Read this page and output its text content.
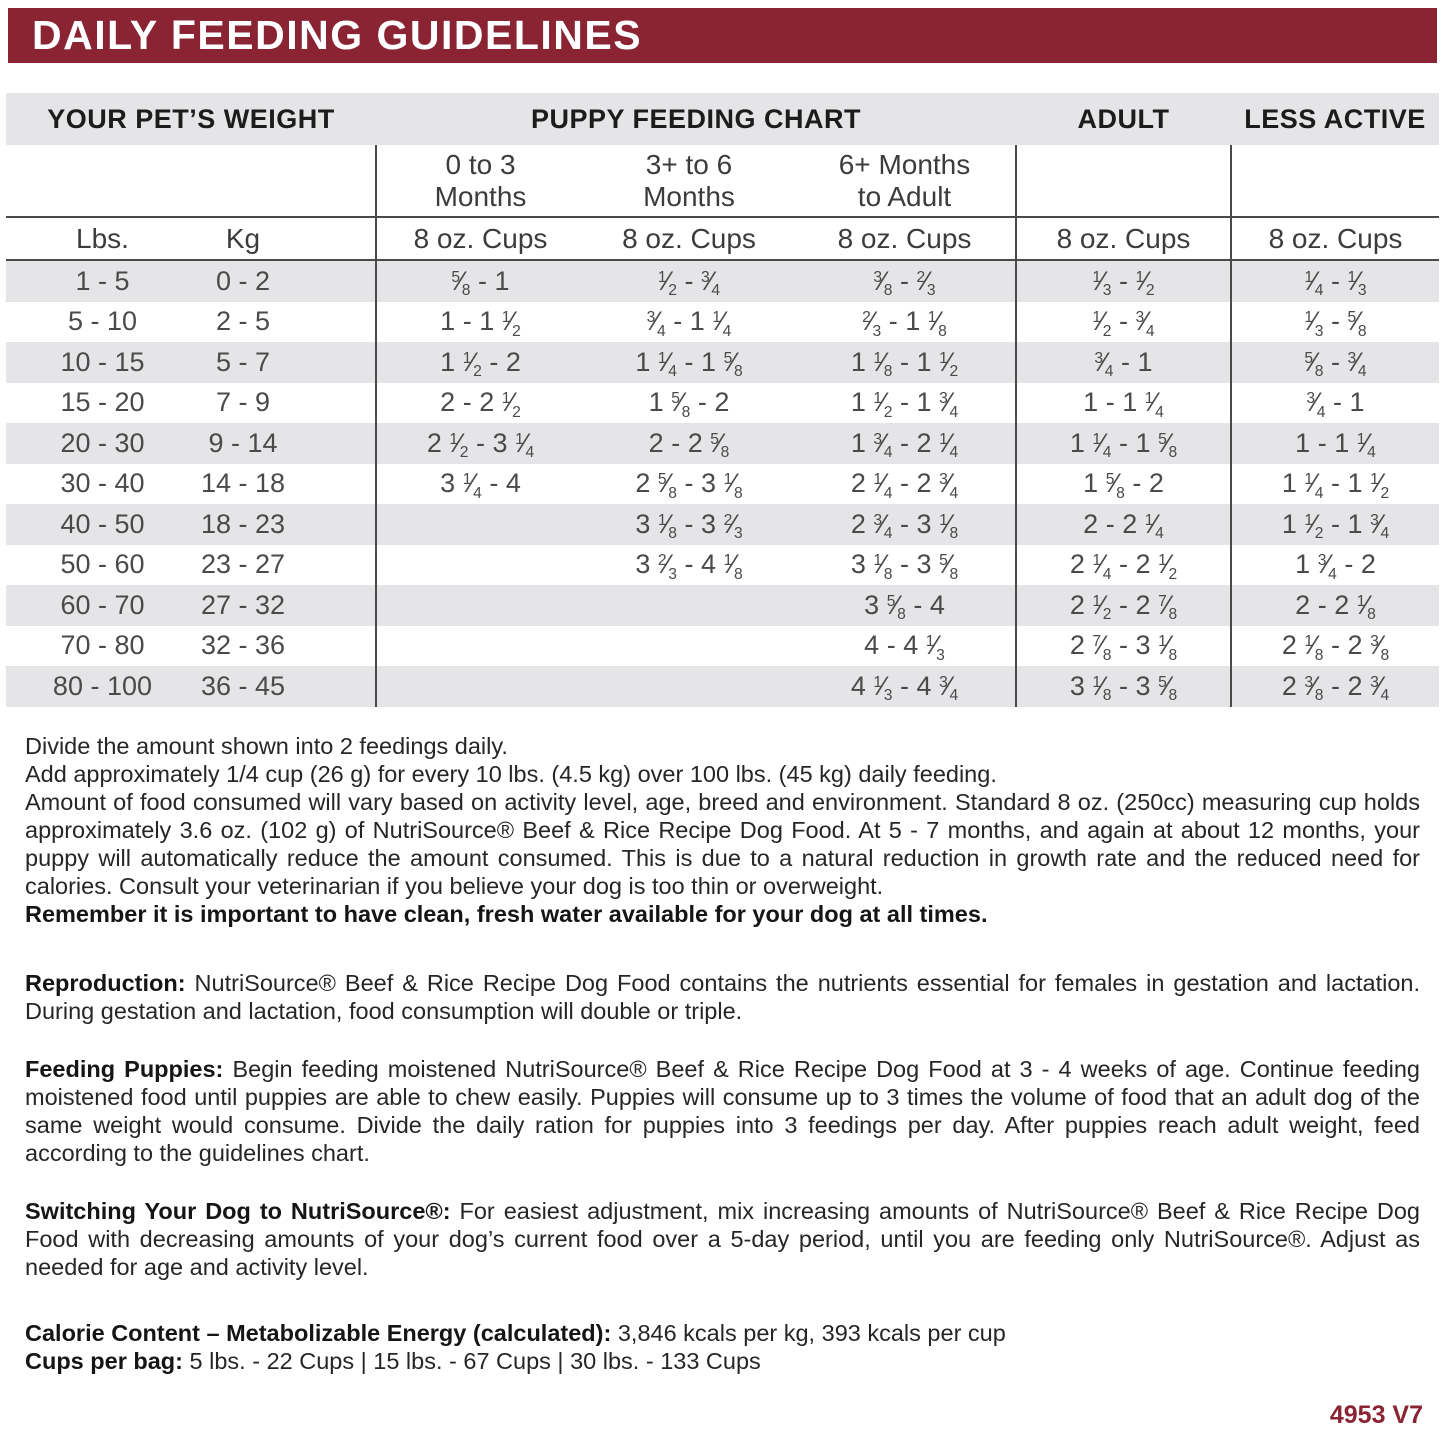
DAILY FEEDING GUIDELINES
YOUR PET’S WEIGHT		PUPPY FEEDING CHART			ADULT	LESS ACTIVE

0 to 3
Months

3+ to 6
Months

6+ Months
to Adult

Lbs.	Kg	8 oz. Cups	8 oz. Cups	8 oz. Cups	8 oz. Cups	8 oz. Cups
1 - 5	0 - 2	$^5$⁄8 - 1	$^1$⁄2 - $^3$⁄4	$^3$⁄8 - $^2$⁄3	$^1$⁄3 - $^1$⁄2	$^1$⁄4 - $^1$⁄3
5 - 10	2 - 5	1 - 1 $^1$⁄2	$^3$⁄4 - 1 $^1$⁄4	$^2$⁄3 - 1 $^1$⁄8	$^1$⁄2 - $^3$⁄4	$^1$⁄3 - $^5$⁄8
10 - 15	5 - 7	1 $^1$⁄2 - 2	1 $^1$⁄4 - 1 $^5$⁄8	1 $^1$⁄8 - 1 $^1$⁄2	$^3$⁄4 - 1	$^5$⁄8 - $^3$⁄4
15 - 20	7 - 9	2 - 2 $^1$⁄2	1 $^5$⁄8 - 2	1 $^1$⁄2 - 1 $^3$⁄4	1 - 1 $^1$⁄4	$^3$⁄4 - 1
20 - 30	9 - 14	2 $^1$⁄2 - 3 $^1$⁄4	2 - 2 $^5$⁄8	1 $^3$⁄4 - 2 $^1$⁄4	1 $^1$⁄4 - 1 $^5$⁄8	1 - 1 $^1$⁄4
30 - 40	14 - 18	3 $^1$⁄4 - 4	2 $^5$⁄8 - 3 $^1$⁄8	2 $^1$⁄4 - 2 $^3$⁄4	1 $^5$⁄8 - 2	1 $^1$⁄4 - 1 $^1$⁄2
40 - 50	18 - 23		3 $^1$⁄8 - 3 $^2$⁄3	2 $^3$⁄4 - 3 $^1$⁄8	2 - 2 $^1$⁄4	1 $^1$⁄2 - 1 $^3$⁄4
50 - 60	23 - 27		3 $^2$⁄3 - 4 $^1$⁄8	3 $^1$⁄8 - 3 $^5$⁄8	2 $^1$⁄4 - 2 $^1$⁄2	1 $^3$⁄4 - 2
60 - 70	27 - 32			3 $^5$⁄8 - 4	2 $^1$⁄2 - 2 $^7$⁄8	2 - 2 $^1$⁄8
70 - 80	32 - 36			4 - 4 $^1$⁄3	2 $^7$⁄8 - 3 $^1$⁄8	2 $^1$⁄8 - 2 $^3$⁄8
80 - 100	36 - 45			4 $^1$⁄3 - 4 $^3$⁄4	3 $^1$⁄8 - 3 $^5$⁄8	2 $^3$⁄8 - 2 $^3$⁄4

Divide the amount shown into 2 feedings daily.

Add approximately 1/4 cup (26 g) for every 10 lbs. (4.5 kg) over 100 lbs. (45 kg) daily feeding.

Amount of food consumed will vary based on activity level, age, breed and environment. Standard 8 oz. (250cc) measuring cup holds approximately 3.6 oz. (102 g) of NutriSource® Beef & Rice Recipe Dog Food. At 5 - 7 months, and again at about 12 months, your puppy will automatically reduce the amount consumed. This is due to a natural reduction in growth rate and the reduced need for calories. Consult your veterinarian if you believe your dog is too thin or overweight.

Remember it is important to have clean, fresh water available for your dog at all times.

Reproduction: NutriSource® Beef & Rice Recipe Dog Food contains the nutrients essential for females in gestation and lactation. During gestation and lactation, food consumption will double or triple.

Feeding Puppies: Begin feeding moistened NutriSource® Beef & Rice Recipe Dog Food at 3 - 4 weeks of age. Continue feeding moistened food until puppies are able to chew easily. Puppies will consume up to 3 times the volume of food that an adult dog of the same weight would consume. Divide the daily ration for puppies into 3 feedings per day. After puppies reach adult weight, feed according to the guidelines chart.

Switching Your Dog to NutriSource®: For easiest adjustment, mix increasing amounts of NutriSource® Beef & Rice Recipe Dog Food with decreasing amounts of your dog’s current food over a 5-day period, until you are feeding only NutriSource®. Adjust as needed for age and activity level.

Calorie Content – Metabolizable Energy (calculated): 3,846 kcals per kg, 393 kcals per cup

Cups per bag: 5 lbs. - 22 Cups | 15 lbs. - 67 Cups | 30 lbs. - 133 Cups

4953 V7
